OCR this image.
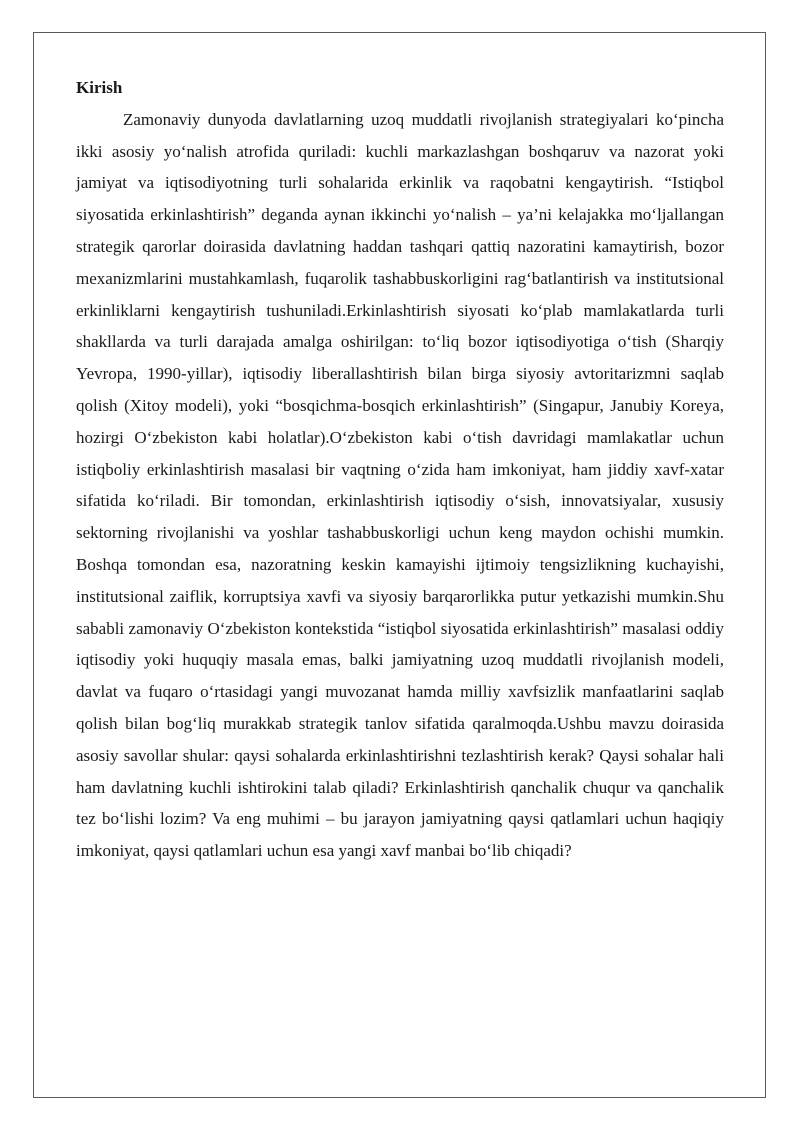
Kirish

Zamonaviy dunyoda davlatlarning uzoq muddatli rivojlanish strategiyalari ko‘pincha ikki asosiy yo‘nalish atrofida quriladi: kuchli markazlashgan boshqaruv va nazorat yoki jamiyat va iqtisodiyotning turli sohalarida erkinlik va raqobatni kengaytirish. “Istiqbol siyosatida erkinlashtirish” deganda aynan ikkinchi yo‘nalish – ya’ni kelajakka mo‘ljallangan strategik qarorlar doirasida davlatning haddan tashqari qattiq nazoratini kamaytirish, bozor mexanizmlarini mustahkamlash, fuqarolik tashabbuskorligini rag‘batlantirish va institutsional erkinliklarni kengaytirish tushuniladi.Erkinlashtirish siyosati ko‘plab mamlakatlarda turli shakllarda va turli darajada amalga oshirilgan: to‘liq bozor iqtisodiyotiga o‘tish (Sharqiy Yevropa, 1990-yillar), iqtisodiy liberallashtirish bilan birga siyosiy avtoritarizmni saqlab qolish (Xitoy modeli), yoki “bosqichma-bosqich erkinlashtirish” (Singapur, Janubiy Koreya, hozirgi O‘zbekiston kabi holatlar).O‘zbekiston kabi o‘tish davridagi mamlakatlar uchun istiqboliy erkinlashtirish masalasi bir vaqtning o‘zida ham imkoniyat, ham jiddiy xavf-xatar sifatida ko‘riladi. Bir tomondan, erkinlashtirish iqtisodiy o‘sish, innovatsiyalar, xususiy sektorning rivojlanishi va yoshlar tashabbuskorligi uchun keng maydon ochishi mumkin. Boshqa tomondan esa, nazoratning keskin kamayishi ijtimoiy tengsizlikning kuchayishi, institutsional zaiflik, korruptsiya xavfi va siyosiy barqarorlikka putur yetkazishi mumkin.Shu sababli zamonaviy O‘zbekiston kontekstida “istiqbol siyosatida erkinlashtirish” masalasi oddiy iqtisodiy yoki huquqiy masala emas, balki jamiyatning uzoq muddatli rivojlanish modeli, davlat va fuqaro o‘rtasidagi yangi muvozanat hamda milliy xavfsizlik manfaatlarini saqlab qolish bilan bog‘liq murakkab strategik tanlov sifatida qaralmoqda.Ushbu mavzu doirasida asosiy savollar shular: qaysi sohalarda erkinlashtirishni tezlashtirish kerak? Qaysi sohalar hali ham davlatning kuchli ishtirokini talab qiladi? Erkinlashtirish qanchalik chuqur va qanchalik tez bo‘lishi lozim? Va eng muhimi – bu jarayon jamiyatning qaysi qatlamlari uchun haqiqiy imkoniyat, qaysi qatlamlari uchun esa yangi xavf manbai bo‘lib chiqadi?
